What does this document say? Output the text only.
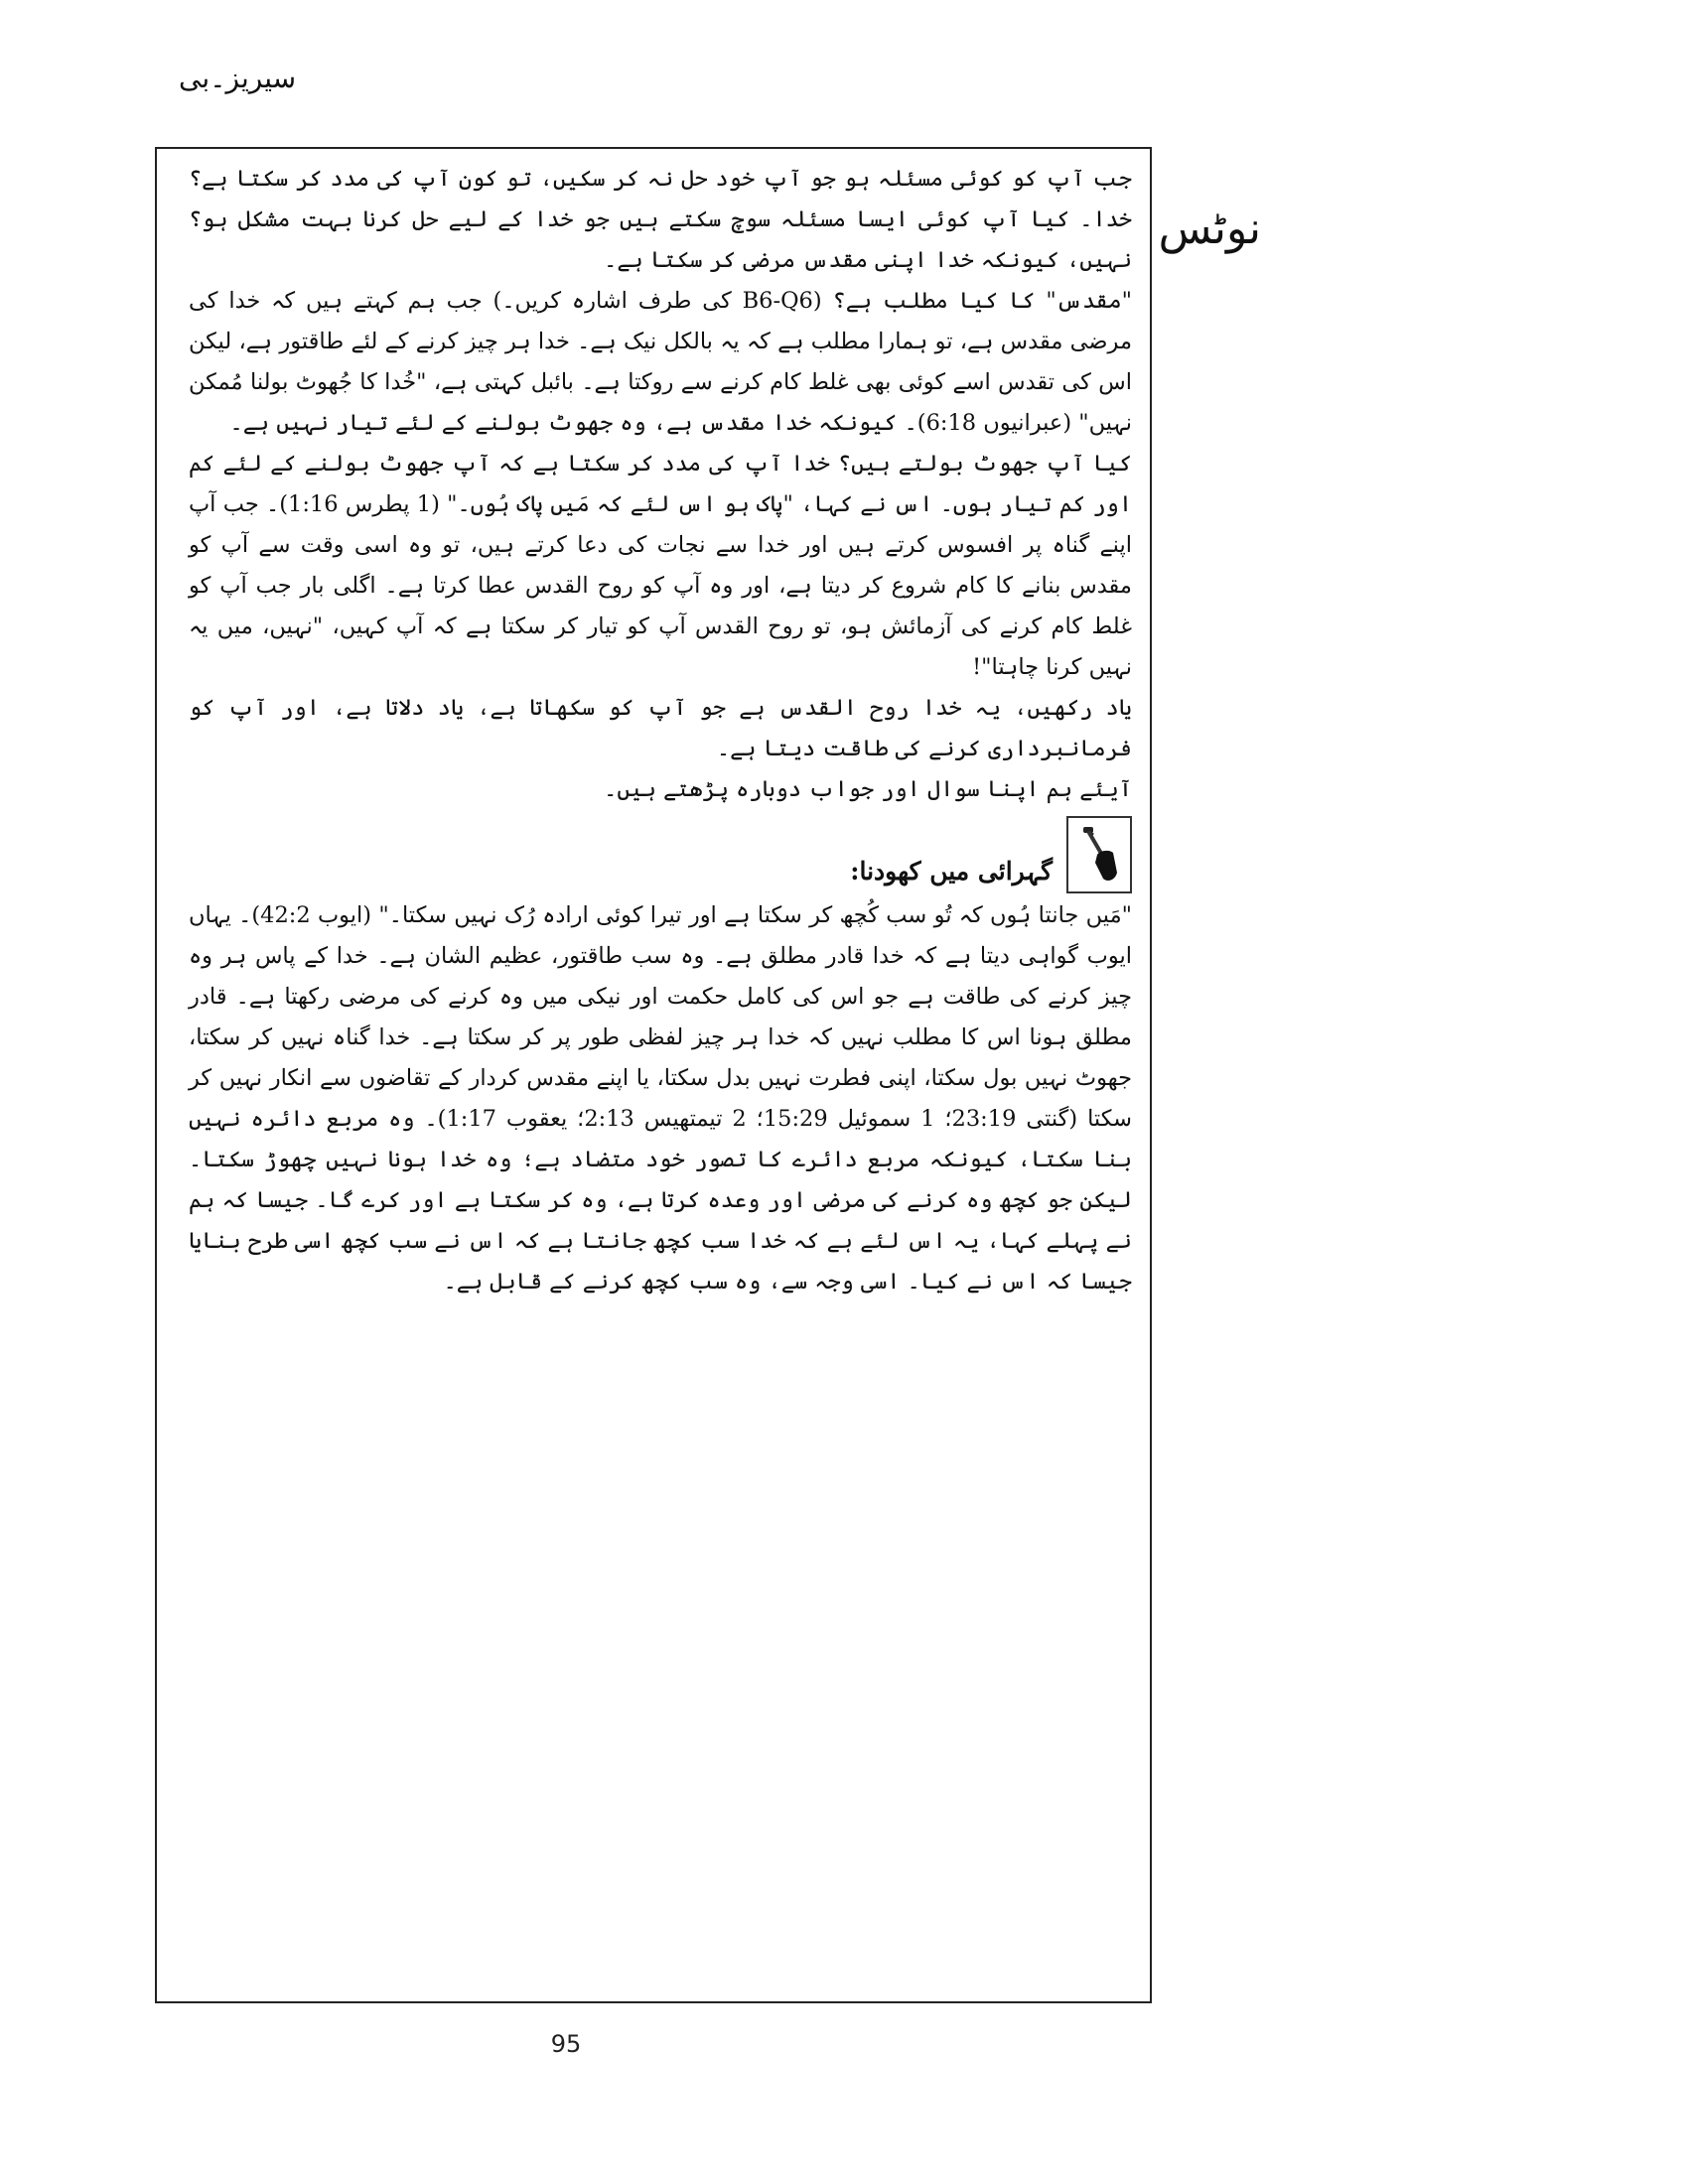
سیریز۔بی
نوٹس

جب آپ کو کوئی مسئلہ ہو جو آپ خود حل نہ کر سکیں، تو کون آپ کی مدد کر سکتا ہے؟ خدا۔ کیا آپ کوئی ایسا مسئلہ سوچ سکتے ہیں جو خدا کے لیے حل کرنا بہت مشکل ہو؟ نہیں، کیونکہ خدا اپنی مقدس مرضی کر سکتا ہے۔

"مقدس" کا کیا مطلب ہے؟ (B6-Q6 کی طرف اشارہ کریں۔) جب ہم کہتے ہیں کہ خدا کی مرضی مقدس ہے، تو ہمارا مطلب ہے کہ یہ بالکل نیک ہے۔ خدا ہر چیز کرنے کے لئے طاقتور ہے، لیکن اس کی تقدس اسے کوئی بھی غلط کام کرنے سے روکتا ہے۔ بائبل کہتی ہے، "خُدا کا جُھوٹ بولنا مُمکن نہیں" (عبرانیوں 6:18)۔ کیونکہ خدا مقدس ہے، وہ جھوٹ بولنے کے لئے تیار نہیں ہے۔

کیا آپ جھوٹ بولتے ہیں؟ خدا آپ کی مدد کر سکتا ہے کہ آپ جھوٹ بولنے کے لئے کم اور کم تیار ہوں۔ اس نے کہا، "پاک ہو اس لئے کہ مَیں پاک ہُوں۔" (1 پطرس 1:16)۔ جب آپ اپنے گناہ پر افسوس کرتے ہیں اور خدا سے نجات کی دعا کرتے ہیں، تو وہ اسی وقت سے آپ کو مقدس بنانے کا کام شروع کر دیتا ہے، اور وہ آپ کو روح القدس عطا کرتا ہے۔ اگلی بار جب آپ کو غلط کام کرنے کی آزمائش ہو، تو روح القدس آپ کو تیار کر سکتا ہے کہ آپ کہیں، "نہیں، میں یہ نہیں کرنا چاہتا"!

یاد رکھیں، یہ خدا روح القدس ہے جو آپ کو سکھاتا ہے، یاد دلاتا ہے، اور آپ کو فرمانبرداری کرنے کی طاقت دیتا ہے۔

آیئے ہم اپنا سوال اور جواب دوبارہ پڑھتے ہیں۔

گہرائی میں کھودنا:

"مَیں جانتا ہُوں کہ تُو سب کُچھ کر سکتا ہے اور تیرا کوئی ارادہ رُک نہیں سکتا۔" (ایوب 42:2)۔ یہاں ایوب گواہی دیتا ہے کہ خدا قادر مطلق ہے۔ وہ سب طاقتور، عظیم الشان ہے۔ خدا کے پاس ہر وہ چیز کرنے کی طاقت ہے جو اس کی کامل حکمت اور نیکی میں وہ کرنے کی مرضی رکھتا ہے۔ قادر مطلق ہونا اس کا مطلب نہیں کہ خدا ہر چیز لفظی طور پر کر سکتا ہے۔ خدا گناہ نہیں کر سکتا، جھوٹ نہیں بول سکتا، اپنی فطرت نہیں بدل سکتا، یا اپنے مقدس کردار کے تقاضوں سے انکار نہیں کر سکتا (گنتی 23:19؛ 1 سموئیل 15:29؛ 2 تیمتھیس 2:13؛ یعقوب 1:17)۔ وہ مربع دائرہ نہیں بنا سکتا، کیونکہ مربع دائرے کا تصور خود متضاد ہے؛ وہ خدا ہونا نہیں چھوڑ سکتا۔ لیکن جو کچھ وہ کرنے کی مرضی اور وعدہ کرتا ہے، وہ کر سکتا ہے اور کرے گا۔ جیسا کہ ہم نے پہلے کہا، یہ اس لئے ہے کہ خدا سب کچھ جانتا ہے کہ اس نے سب کچھ اسی طرح بنایا جیسا کہ اس نے کیا۔ اسی وجہ سے، وہ سب کچھ کرنے کے قابل ہے۔

95
